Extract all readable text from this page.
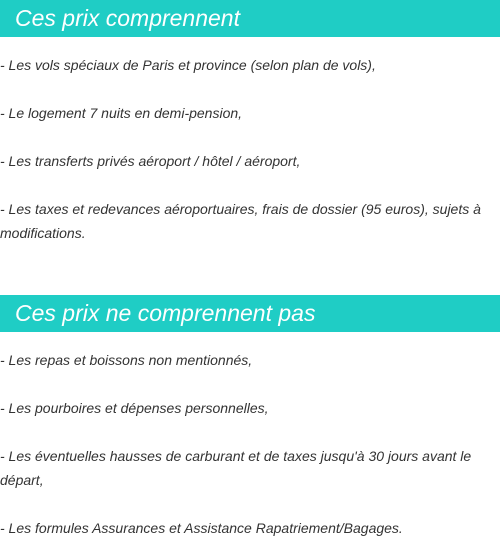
Ces prix comprennent
- Les vols spéciaux de Paris et province (selon plan de vols),
- Le logement 7 nuits en demi-pension,
- Les transferts privés aéroport / hôtel / aéroport,
- Les taxes et redevances aéroportuaires, frais de dossier (95 euros), sujets à modifications.
Ces prix ne comprennent pas
- Les repas et boissons non mentionnés,
- Les pourboires et dépenses personnelles,
- Les éventuelles hausses de carburant et de taxes jusqu'à 30 jours avant le départ,
- Les formules Assurances et Assistance Rapatriement/Bagages.
